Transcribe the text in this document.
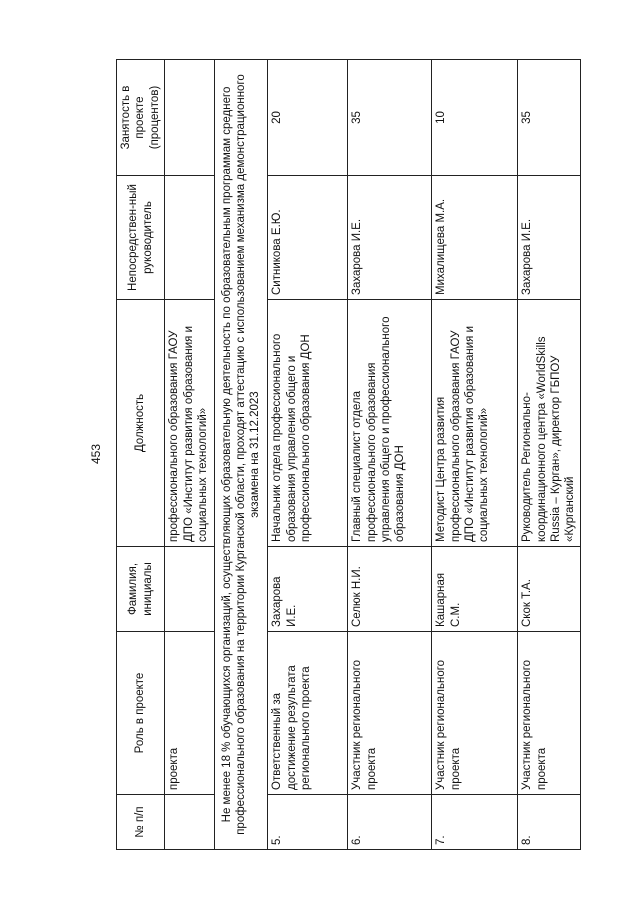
453
№ п/п	Роль в проекте	Фамилия, инициалы	Должность	Непосредствен-ный руководитель	Занятость в проекте (процентов)
	проекта		профессионального образования ГАОУ ДПО «Институт развития образования и социальных технологий»		
Не менее 18 % обучающихся организаций, осуществляющих образовательную деятельность по образовательным программам среднего профессионального образования на территории Курганской области, проходят аттестацию с использованием механизма демонстрационного экзамена на 31.12.2023					
5.	Ответственный за достижение результата регионального проекта	Захарова И.Е.	Начальник отдела профессионального образования управления общего и профессионального образования ДОН	Ситникова Е.Ю.	20
6.	Участник регионального проекта	Селюк Н.И.	Главный специалист отдела профессионального образования управления общего и профессионального образования ДОН	Захарова И.Е.	35
7.	Участник регионального проекта	Кашарная С.М.	Методист Центра развития профессионального образования ГАОУ ДПО «Институт развития образования и социальных технологий»	Михалищева М.А.	10
8.	Участник регионального проекта	Скок Т.А.	Руководитель Регионально-координационного центра «WorldSkills Russia – Курган», директор ГБПОУ «Курганский	Захарова И.Е.	35
